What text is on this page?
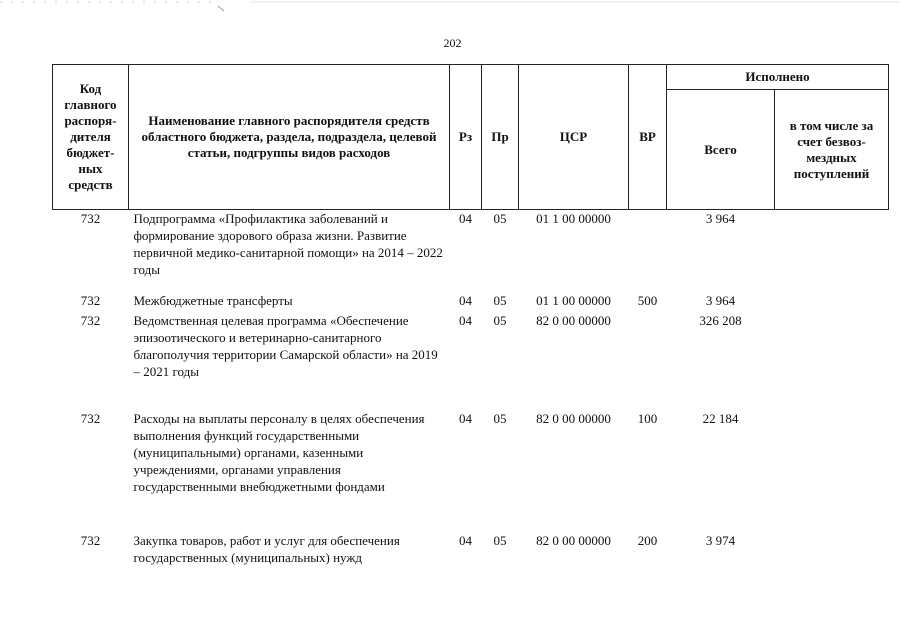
202
Код главного распоря-дителя бюджет-ных средств	Наименование главного распорядителя средств областного бюджета, раздела, подраздела, целевой статьи, подгруппы видов расходов	Рз	Пр	ЦСР	ВР	Исполнено	
						Всего	в том числе за счет безвоз-мездных поступлений
732	Подпрограмма «Профилактика заболеваний и формирование здорового образа жизни. Развитие первичной медико-санитарной помощи» на 2014 – 2022 годы	04	05	01 1 00 00000		3 964	
732	Межбюджетные трансферты	04	05	01 1 00 00000	500	3 964	
732	Ведомственная целевая программа «Обеспечение эпизоотического и ветеринарно-санитарного благополучия территории Самарской области» на 2019 – 2021 годы	04	05	82 0 00 00000		326 208	
732	Расходы на выплаты персоналу в целях обеспечения выполнения функций государственными (муниципальными) органами, казенными учреждениями, органами управления государственными внебюджетными фондами	04	05	82 0 00 00000	100	22 184	
732	Закупка товаров, работ и услуг для обеспечения государственных (муниципальных) нужд	04	05	82 0 00 00000	200	3 974	
